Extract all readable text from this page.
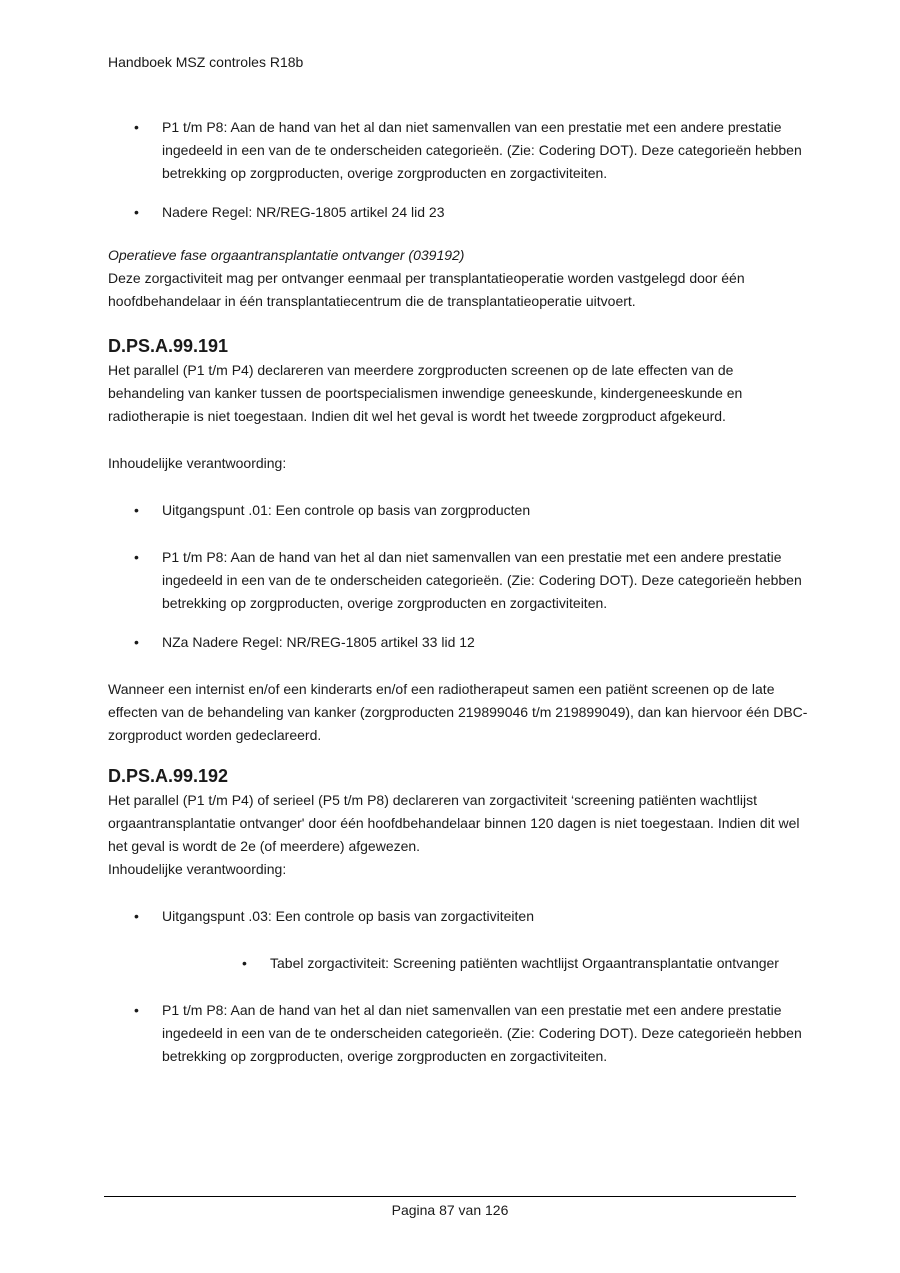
Handboek MSZ controles R18b
• P1 t/m P8: Aan de hand van het al dan niet samenvallen van een prestatie met een andere prestatie ingedeeld in een van de te onderscheiden categorieën. (Zie: Codering DOT). Deze categorieën hebben betrekking op zorgproducten, overige zorgproducten en zorgactiviteiten.
• Nadere Regel: NR/REG-1805 artikel 24 lid 23

Operatieve fase orgaantransplantatie ontvanger (039192)

Deze zorgactiviteit mag per ontvanger eenmaal per transplantatieoperatie worden vastgelegd door één hoofdbehandelaar in één transplantatiecentrum die de transplantatieoperatie uitvoert.

D.PS.A.99.191

Het parallel (P1 t/m P4) declareren van meerdere zorgproducten screenen op de late effecten van de behandeling van kanker tussen de poortspecialismen inwendige geneeskunde, kindergeneeskunde en radiotherapie is niet toegestaan. Indien dit wel het geval is wordt het tweede zorgproduct afgekeurd.

Inhoudelijke verantwoording:

• Uitgangspunt .01: Een controle op basis van zorgproducten
• P1 t/m P8: Aan de hand van het al dan niet samenvallen van een prestatie met een andere prestatie ingedeeld in een van de te onderscheiden categorieën. (Zie: Codering DOT). Deze categorieën hebben betrekking op zorgproducten, overige zorgproducten en zorgactiviteiten.
• NZa Nadere Regel: NR/REG-1805 artikel 33 lid 12

Wanneer een internist en/of een kinderarts en/of een radiotherapeut samen een patiënt screenen op de late effecten van de behandeling van kanker (zorgproducten 219899046 t/m 219899049), dan kan hiervoor één DBC-zorgproduct worden gedeclareerd.

D.PS.A.99.192

Het parallel (P1 t/m P4) of serieel (P5 t/m P8) declareren van zorgactiviteit ‘screening patiënten wachtlijst orgaantransplantatie ontvanger' door één hoofdbehandelaar binnen 120 dagen is niet toegestaan. Indien dit wel het geval is wordt de 2e (of meerdere) afgewezen.

Inhoudelijke verantwoording:

• Uitgangspunt .03: Een controle op basis van zorgactiviteiten
• Tabel zorgactiviteit: Screening patiënten wachtlijst Orgaantransplantatie ontvanger
• P1 t/m P8: Aan de hand van het al dan niet samenvallen van een prestatie met een andere prestatie ingedeeld in een van de te onderscheiden categorieën. (Zie: Codering DOT). Deze categorieën hebben betrekking op zorgproducten, overige zorgproducten en zorgactiviteiten.
Pagina 87 van 126
